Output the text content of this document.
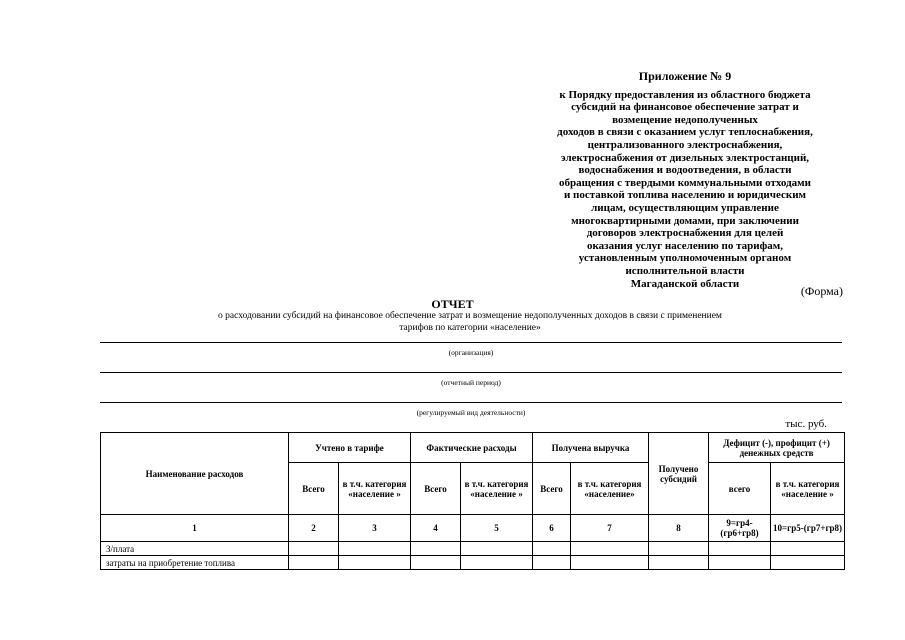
Приложение № 9
к Порядку предоставления из областного бюджета
субсидий на финансовое обеспечение затрат и
возмещение недополученных
доходов в связи с оказанием услуг теплоснабжения,
централизованного электроснабжения,
электроснабжения от дизельных электростанций,
водоснабжения и водоотведения, в области
обращения с твердыми коммунальными отходами
и поставкой топлива населению и юридическим
лицам, осуществляющим управление
многоквартирными домами, при заключении
договоров электроснабжения для целей
оказания услуг населению по тарифам,
установленным уполномоченным органом
исполнительной власти
Магаданской области
(Форма)
ОТЧЕТ
о расходовании субсидий на финансовое обеспечение затрат и возмещение недополученных доходов в связи с применением
тарифов по категории «население»
(организация)
(отчетный период)
(регулируемый вид деятельности)
тыс. руб.
Наименование расходов	Учтено в тарифе		Фактические расходы		Получена выручка		Получено субсидий	Дефицит (-), профицит (+) денежных средств	
	Всего	в т.ч. категория «население »	Всего	в т.ч. категория «население »	Всего	в т.ч. категория «население»		всего	в т.ч. категория «население »
1	2	3	4	5	6	7	8	9=гр4-(гр6+гр8)	10=гр5-(гр7+гр8)
З/плата									
затраты на приобретение топлива									
